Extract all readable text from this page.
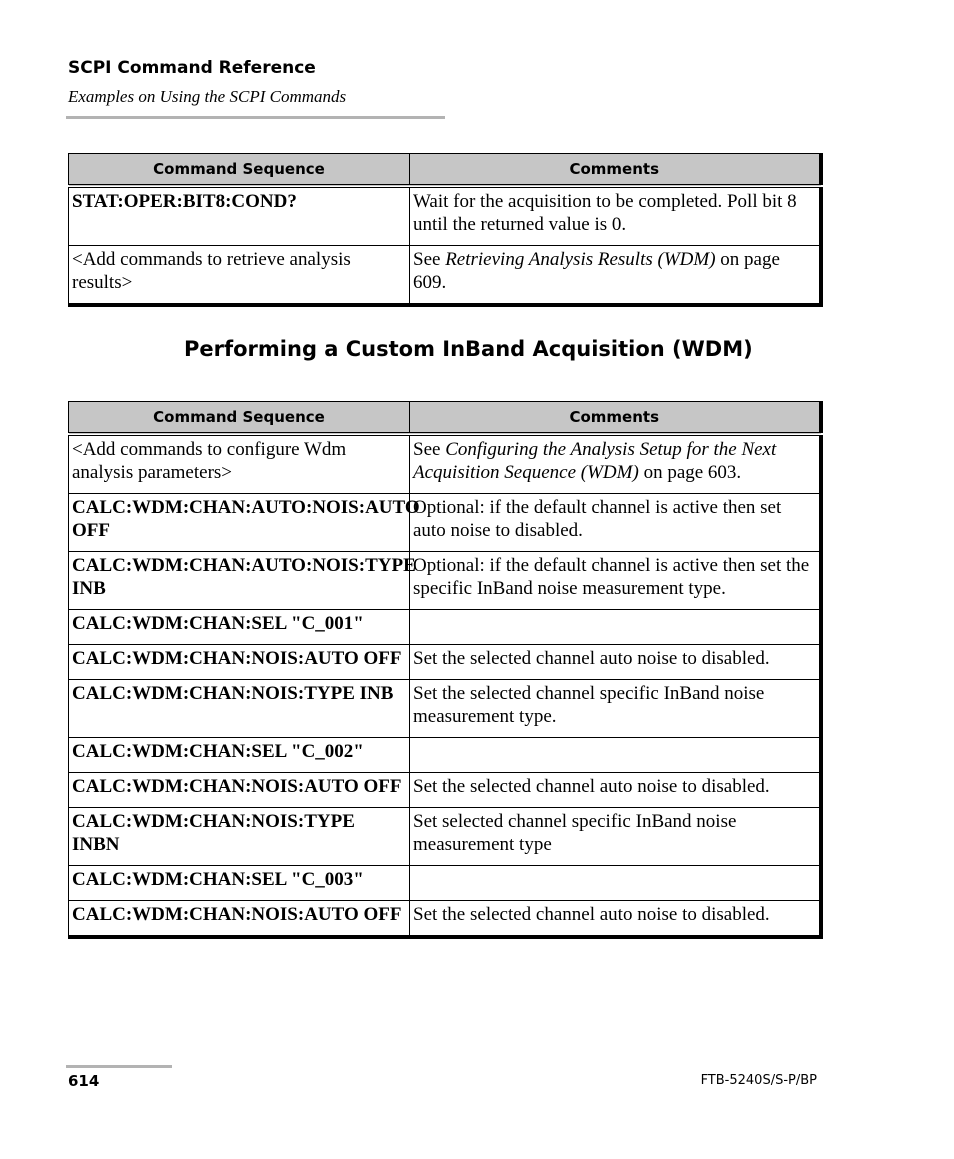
SCPI Command Reference
Examples on Using the SCPI Commands
Command Sequence	Comments
STAT:OPER:BIT8:COND?	Wait for the acquisition to be completed. Poll bit 8 until the returned value is 0.
<Add commands to retrieve analysis results>	See Retrieving Analysis Results (WDM) on page 609.
Performing a Custom InBand Acquisition (WDM)
Command Sequence	Comments
<Add commands to configure Wdm analysis parameters>	See Configuring the Analysis Setup for the Next Acquisition Sequence (WDM) on page 603.
CALC:WDM:CHAN:AUTO:NOIS:AUTO OFF	Optional: if the default channel is active then set auto noise to disabled.
CALC:WDM:CHAN:AUTO:NOIS:TYPE INB	Optional: if the default channel is active then set the specific InBand noise measurement type.
CALC:WDM:CHAN:SEL "C_001"	
CALC:WDM:CHAN:NOIS:AUTO OFF	Set the selected channel auto noise to disabled.
CALC:WDM:CHAN:NOIS:TYPE INB	Set the selected channel specific InBand noise measurement type.
CALC:WDM:CHAN:SEL "C_002"	
CALC:WDM:CHAN:NOIS:AUTO OFF	Set the selected channel auto noise to disabled.
CALC:WDM:CHAN:NOIS:TYPE INBN	Set selected channel specific InBand noise measurement type
CALC:WDM:CHAN:SEL "C_003"	
CALC:WDM:CHAN:NOIS:AUTO OFF	Set the selected channel auto noise to disabled.
614	FTB-5240S/S-P/BP
